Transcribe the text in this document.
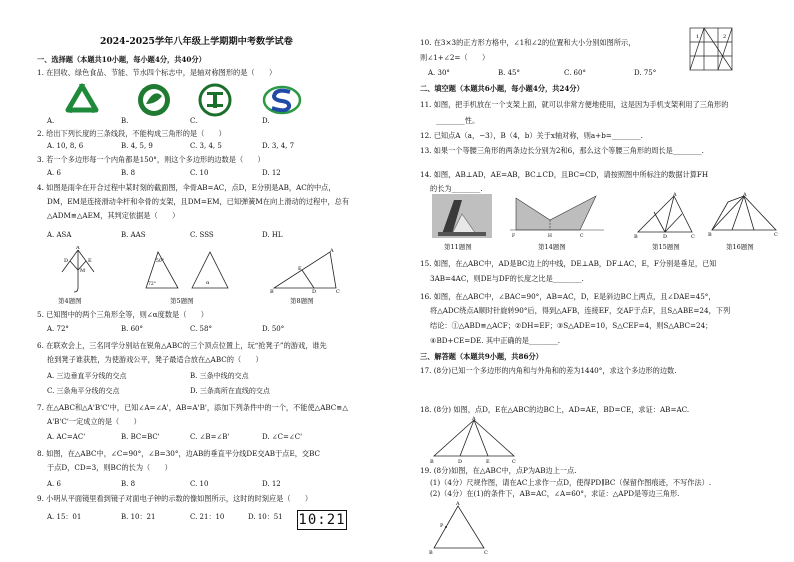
2024-2025学年八年级上学期期中考数学试卷
一、选择题（本题共10小题，每小题4分，共40分）
1. 在回收、绿色食品、节能、节水四个标志中，是轴对称图形的是（　　）
A.	B.	C.	D.
2. 给出下列长度的三条线段，不能构成三角形的是（　　）
A. 10, 8, 6	B. 4, 5, 9	C. 3, 4, 5	D. 3, 4, 7
3. 若一个多边形每一个内角都是150°，则这个多边形的边数是（　　）
A. 6	B. 8	C. 10	D. 12
4. 如图是雨伞在开合过程中某时刻的截面图，伞骨AB=AC，点D，E分别是AB，AC的中点，
DM，EM是连接滑动伞杆和伞骨的支架，且DM=EM，已知弹簧M在向上滑动的过程中，总有
△ADM≌△AEM，其判定依据是（　　）
A. ASA	B. AAS	C. SSS	D. HL
A
D	E
M
第4题图
50°
72°	α
第5题图
A
B	C
D
E
第8题图
5. 已知图中的两个三角形全等，则∠α度数是（　　）
A. 72°	B. 60°	C. 58°	D. 50°
6. 在联欢会上，三名同学分别站在锐角△ABC的三个顶点位置上，玩“抢凳子”的游戏，谁先
抢到凳子谁获胜，为使游戏公平，凳子最适合放在△ABC的（　　）
A. 三边垂直平分线的交点	B. 三条中线的交点
C. 三条角平分线的交点	D. 三条高所在直线的交点
7. 在△ABC和△A'B'C'中，已知∠A=∠A'，AB=A'B'，添加下列条件中的一个，不能使△ABC≌△
A'B'C'一定成立的是（　　）
A. AC=AC'	B. BC=BC'	C. ∠B=∠B'	D. ∠C=∠C'
8. 如图，在△ABC中，∠C=90°，∠B=30°，边AB的垂直平分线DE交AB于点E，交BC
于点D，CD=3，则BC的长为（　　）
A. 6	B. 8	C. 10	D. 12
9. 小明从平面镜里看到镜子对面电子钟的示数的像如图所示，这时的时刻应是（　　）
A. 15：01	B. 10：21	C. 21：10	D. 10：51 10:21
10. 在3×3的正方形方格中，∠1和∠2的位置和大小分别如图所示，
则∠1+∠2=（　　）
1	2
A. 30°	B. 45°	C. 60°	D. 75°
二、填空题（本题共6小题，每小题4分，共24分）
11. 如图，把手机放在一个支架上面，就可以非常方便地使用，这是因为手机支架利用了三角形的
________性。
12. 已知点A（a，−3），B（4，b）关于x轴对称，则a+b=________.
13. 如果一个等腰三角形的两条边长分别为2和6，那么这个等腰三角形的周长是________.
14. 如图，AB⊥AD，AE=AB，BC⊥CD，且BC=CD，请按照图中所标注的数据计算FH
的长为________.
第11题图
F	H	C
第14题图
A
B	D	C
第15题图
A
B	C
第16题图
15. 如图，在△ABC中，AD是BC边上的中线，DE⊥AB，DF⊥AC，E，F分别是垂足，已知
3AB=4AC，则DE与DF的长度之比是________.
16. 如图，在△ABC中，∠BAC=90°，AB=AC，D，E是斜边BC上两点，且∠DAE=45°，
将△ADC绕点A顺时针旋转90°后，得到△AFB，连接EF，交AF于点F，且S△ABE=24，下列
结论：①△ABD≌△ACF；②DH=EF；③S△ADE=10，S△CEF=4，则S△ABC=24；
④BD+CE=DE. 其中正确的是________.
三、解答题（本题共9小题，共86分）
17. (8分)已知一个多边形的内角和与外角和的差为1440°，求这个多边形的边数.
18. (8分) 如图，点D，E在△ABC的边BC上，AD=AE，BD=CE，求证：AB=AC.
A
B	D	E	C
19. (8分)如图，在△ABC中，点P为AB边上一点.
(1)（4分）尺规作图，请在AC上求作一点D，使得PD∥BC（保留作图痕迹，不写作法）.
(2)（4分）在(1)的条件下，AB=AC，∠A=60°，求证：△APD是等边三角形.
A
P
B	C
